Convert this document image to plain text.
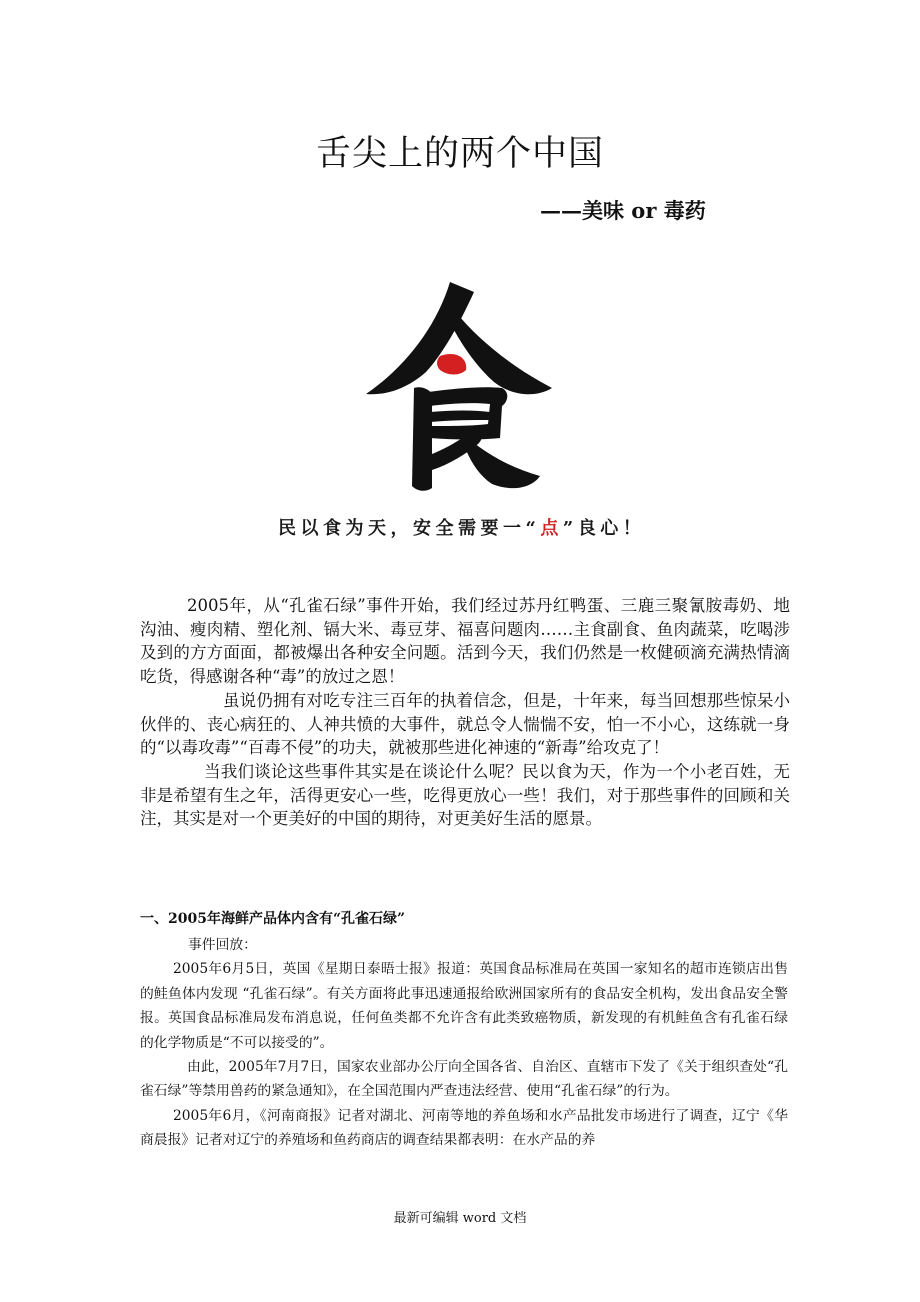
舌尖上的两个中国

——美味 or 毒药

民以食为天，安全需要一“点”良心！

2005年，从“孔雀石绿”事件开始，我们经过苏丹红鸭蛋、三鹿三聚氰胺毒奶、地沟油、瘦肉精、塑化剂、镉大米、毒豆芽、福喜问题肉……主食副食、鱼肉蔬菜，吃喝涉及到的方方面面，都被爆出各种安全问题。活到今天，我们仍然是一枚健硕滴充满热情滴吃货，得感谢各种“毒”的放过之恩！

虽说仍拥有对吃专注三百年的执着信念，但是，十年来，每当回想那些惊呆小伙伴的、丧心病狂的、人神共愤的大事件，就总令人惴惴不安，怕一不小心，这练就一身的“以毒攻毒”“百毒不侵”的功夫，就被那些进化神速的“新毒”给攻克了！

当我们谈论这些事件其实是在谈论什么呢？民以食为天，作为一个小老百姓，无非是希望有生之年，活得更安心一些，吃得更放心一些！我们，对于那些事件的回顾和关注，其实是对一个更美好的中国的期待，对更美好生活的愿景。

一、2005年海鲜产品体内含有“孔雀石绿”

事件回放：

2005年6月5日，英国《星期日泰晤士报》报道：英国食品标准局在英国一家知名的超市连锁店出售的鲑鱼体内发现 “孔雀石绿”。有关方面将此事迅速通报给欧洲国家所有的食品安全机构，发出食品安全警报。英国食品标准局发布消息说，任何鱼类都不允许含有此类致癌物质，新发现的有机鲑鱼含有孔雀石绿的化学物质是“不可以接受的”。

由此，2005年7月7日，国家农业部办公厅向全国各省、自治区、直辖市下发了《关于组织查处“孔雀石绿”等禁用兽药的紧急通知》，在全国范围内严查违法经营、使用“孔雀石绿”的行为。

2005年6月，《河南商报》记者对湖北、河南等地的养鱼场和水产品批发市场进行了调查，辽宁《华商晨报》记者对辽宁的养殖场和鱼药商店的调查结果都表明：在水产品的养

最新可编辑 word 文档
